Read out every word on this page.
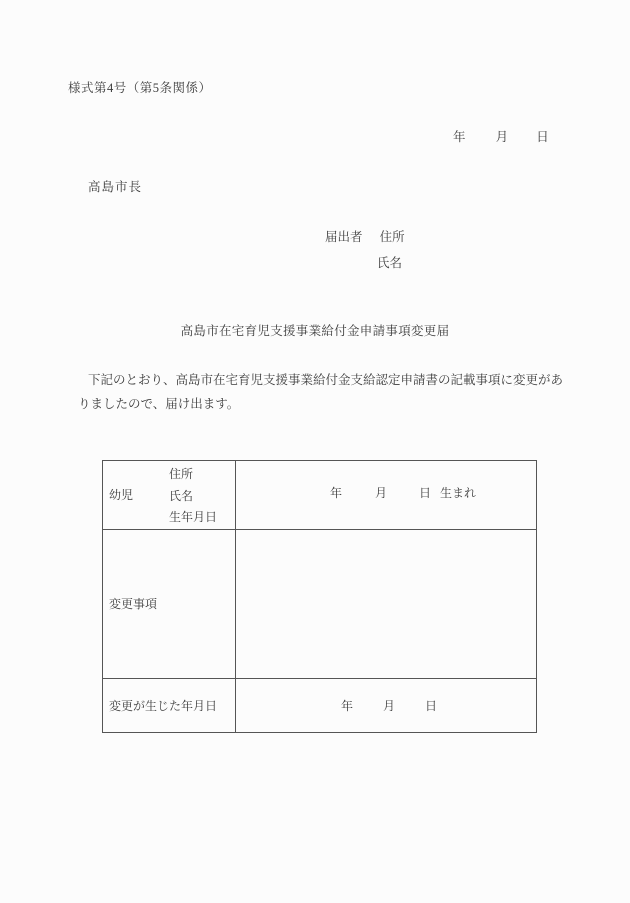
様式第4号（第5条関係）
年 月 日
高島市長
届出者 住所
氏名
高島市在宅育児支援事業給付金申請事項変更届
下記のとおり、高島市在宅育児支援事業給付金支給認定申請書の記載事項に変更があ
りましたので、届け出ます。
幼児
住所
氏名
生年月日	年 月 日 生まれ

変更事項	
変更が生じた年月日	年 月 日
